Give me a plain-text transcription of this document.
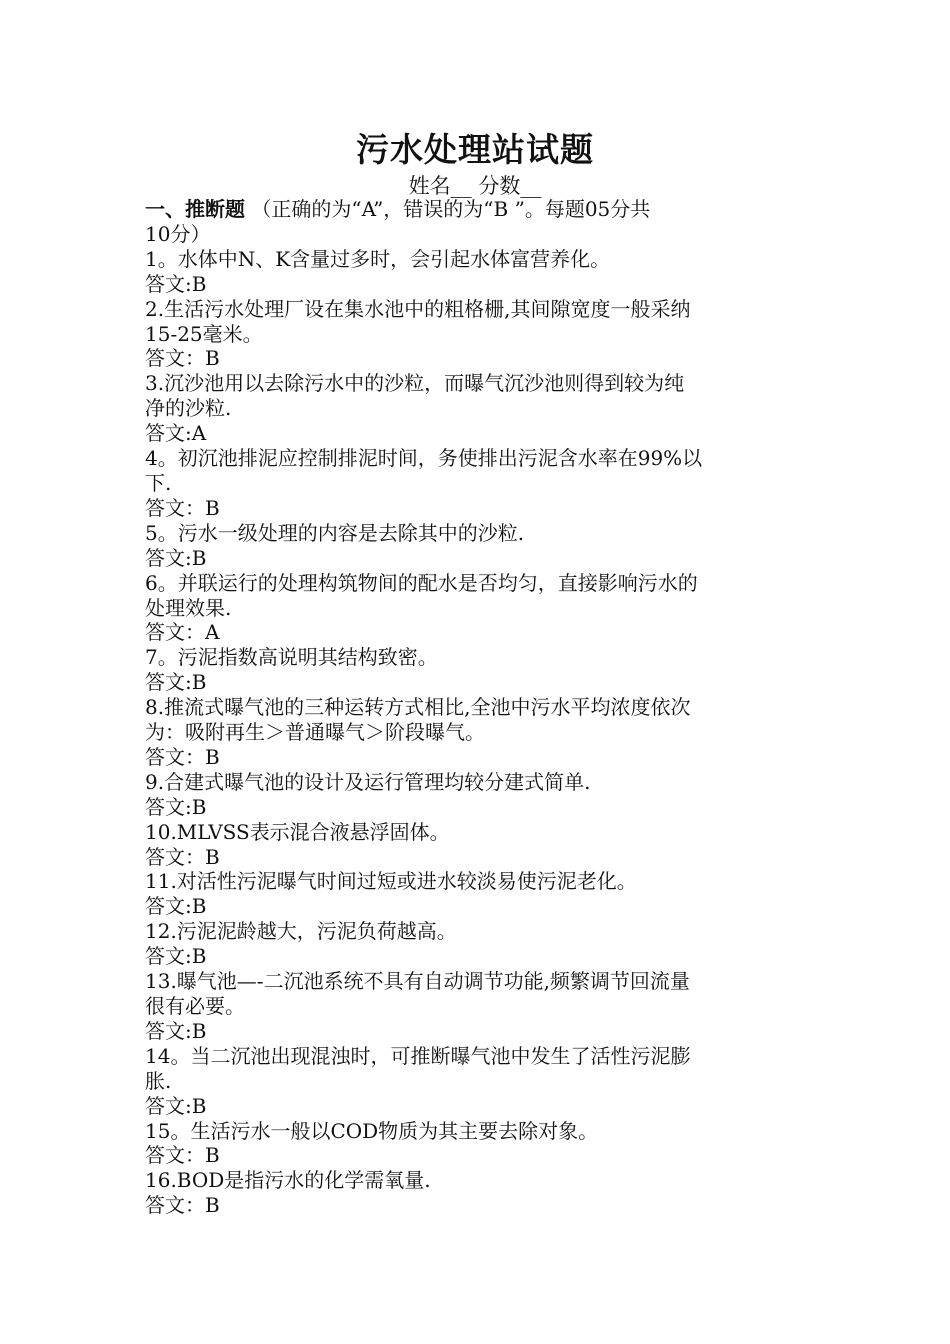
污水处理站试题
姓名__ 分数__
一、推断题 （正确的为“A”，错误的为“B ”。每题05分共
10分）
1。水体中N、K含量过多时，会引起水体富营养化。
答文:B
2.生活污水处理厂设在集水池中的粗格栅,其间隙宽度一般采纳
15-25毫米。
答文：B
3.沉沙池用以去除污水中的沙粒，而曝气沉沙池则得到较为纯
净的沙粒.
答文:A
4。初沉池排泥应控制排泥时间，务使排出污泥含水率在99%以
下.
答文：B
5。污水一级处理的内容是去除其中的沙粒.
答文:B
6。并联运行的处理构筑物间的配水是否均匀，直接影响污水的
处理效果.
答文：A
7。污泥指数高说明其结构致密。
答文:B
8.推流式曝气池的三种运转方式相比,全池中污水平均浓度依次
为：吸附再生＞普通曝气＞阶段曝气。
答文：B
9.合建式曝气池的设计及运行管理均较分建式简单.
答文:B
10.MLVSS表示混合液悬浮固体。
答文：B
11.对活性污泥曝气时间过短或进水较淡易使污泥老化。
答文:B
12.污泥泥龄越大，污泥负荷越高。
答文:B
13.曝气池—-二沉池系统不具有自动调节功能,频繁调节回流量
很有必要。
答文:B
14。当二沉池出现混浊时，可推断曝气池中发生了活性污泥膨
胀.
答文:B
15。生活污水一般以COD物质为其主要去除对象。
答文：B
16.BOD是指污水的化学需氧量.
答文：B
